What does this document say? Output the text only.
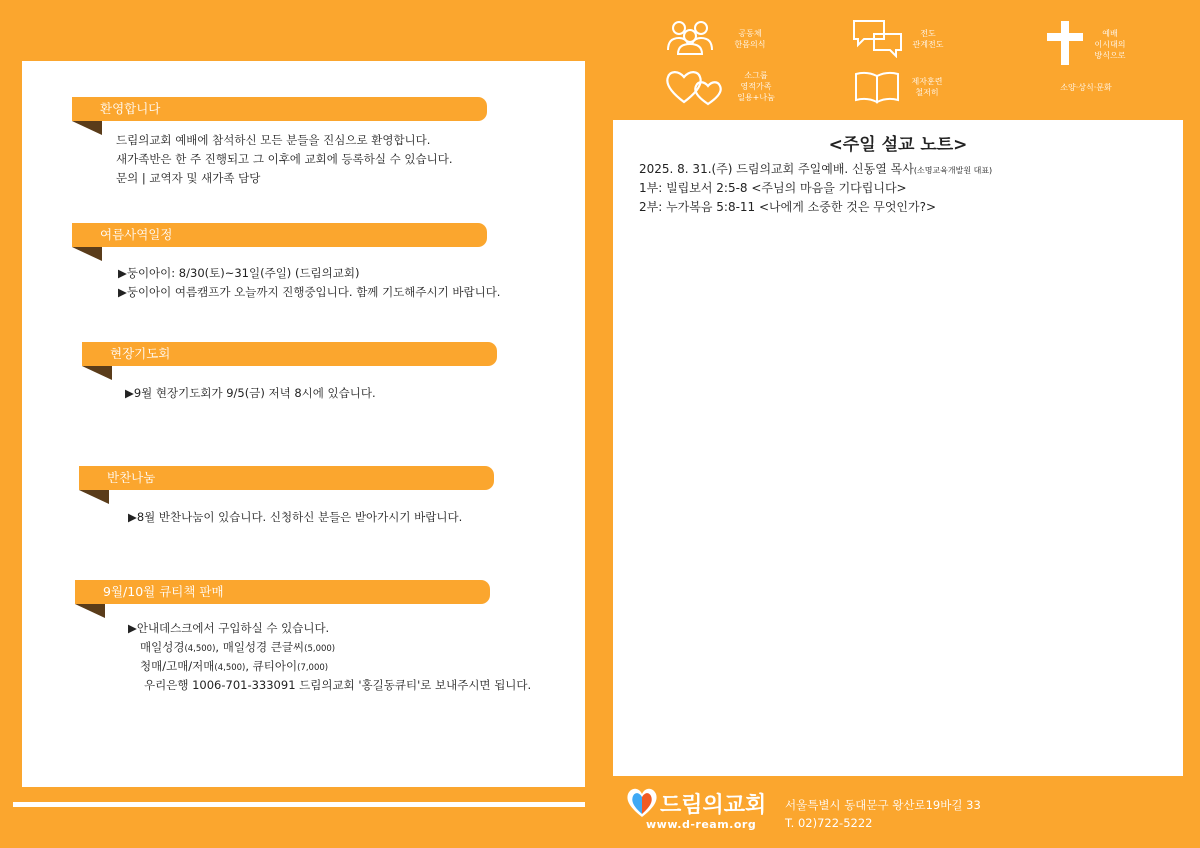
환영합니다
드림의교회 예배에 참석하신 모든 분들을 진심으로 환영합니다.
새가족반은 한 주 진행되고 그 이후에 교회에 등록하실 수 있습니다.
문의 | 교역자 및 새가족 담당
여름사역일정
▶둥이아이: 8/30(토)~31일(주일) (드림의교회)
▶둥이아이 여름캠프가 오늘까지 진행중입니다. 함께 기도해주시기 바랍니다.
현장기도회
▶9월 현장기도회가 9/5(금) 저녁 8시에 있습니다.
반찬나눔
▶8월 반찬나눔이 있습니다. 신청하신 분들은 받아가시기 바랍니다.
9월/10월 큐티책 판매
▶안내데스크에서 구입하실 수 있습니다.
매일성경(4,500), 매일성경 큰글씨(5,000)
청매/고매/저매(4,500), 큐티아이(7,000)
우리은행 1006-701-333091 드림의교회 '홍길동큐티'로 보내주시면 됩니다.
공동체
한몸의식
전도
관계전도
예배
이시대의
방식으로
소그룹
영적가족
일용+나눔
제자훈련
철저히
소양·상식·문화
<주일 설교 노트>
2025. 8. 31.(주) 드림의교회 주일예배. 신동열 목사(소명교육개발원 대표)
1부: 빌립보서 2:5-8 <주님의 마음을 기다립니다>
2부: 누가복음 5:8-11 <나에게 소중한 것은 무엇인가?>
드림의교회
www.d-ream.org
서울특별시 동대문구 왕산로19바길 33
T. 02)722-5222
